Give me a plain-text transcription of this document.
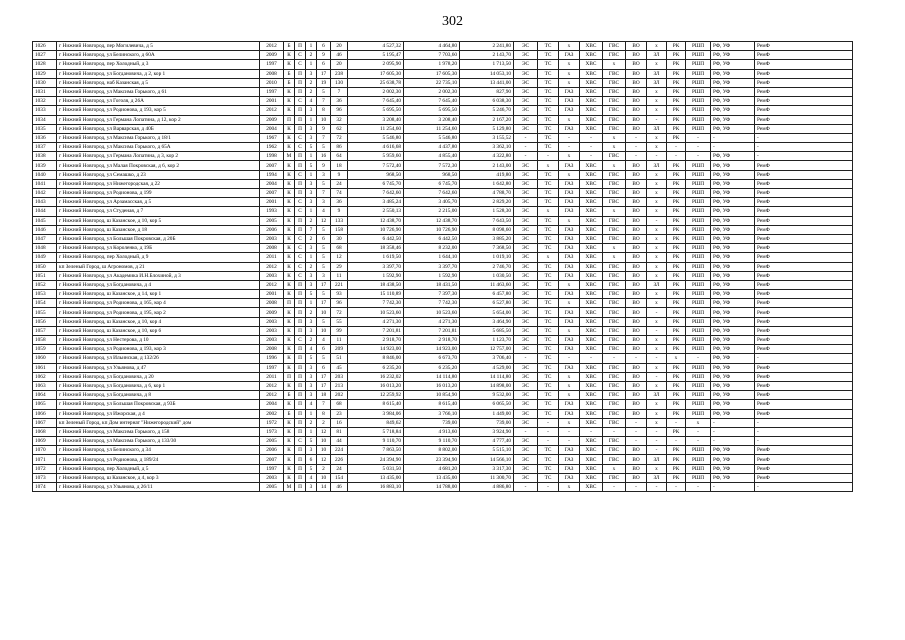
302
1026	г Нижний Новгород, пер Могилевича, д 5	2012	Б	П	1	6	20	4 527,32	4 464,80	2 241,80	ЭС	ТС	х	ХВС	ГВС	ВО	х	РК	РШП	РФ, УФ	РемФ
1027	г Нижний Новгород, ул Белинского, д 60А	2009	К	С	2	9	46	5 195,47	7 703,60	2 143,70	ЭС	ТС	ГАЗ	ХВС	ГВС	ВО	ЗЛ	РК	РШП	РФ, УФ	РемФ
1028	г Нижний Новгород, пер Холодный, д 3	1997	К	С	1	6	20	2 095,90	1 978,20	1 713,50	ЭС	ТС	х	ХВС	х	ВО	х	РК	РШП	РФ, УФ	РемФ
1029	г Нижний Новгород, ул Богдановича, д 2, кор 1	2008	Б	П	3	17	238	17 605,30	17 605,30	14 053,10	ЭС	ТС	х	ХВС	ГВС	ВО	ЗЛ	РК	РШП	РФ, УФ	РемФ
1030	г Нижний Новгород, наб Казанская, д 5	2010	Б	П	2	19	130	25 638,78	22 735,10	13 441,00	ЭС	ТС	х	ХВС	ГВС	ВО	ЗЛ	РК	РШП	РФ, УФ	РемФ
1031	г Нижний Новгород, ул Максима Горького, д 61	1997	К	П	2	5	7	2 002,30	2 002,30	827,90	ЭС	ТС	ГАЗ	ХВС	ГВС	ВО	х	РК	РШП	РФ, УФ	РемФ
1032	г Нижний Новгород, ул Гоголя, д 26А	2001	К	С	4	7	36	7 645,40	7 645,40	6 038,30	ЭС	ТС	ГАЗ	ХВС	ГВС	ВО	х	РК	РШП	РФ, УФ	РемФ
1033	г Нижний Новгород, ул Родионова, д 193, кор 5	2012	К	П	3	8	96	5 695,50	5 695,50	5 246,70	ЭС	ТС	ГАЗ	ХВС	ГВС	ВО	х	РК	РШП	РФ, УФ	РемФ
1034	г Нижний Новгород, ул Германа Лопатина, д 12, кор 2	2009	П	П	1	10	32	3 208,40	3 208,40	2 167,20	ЭС	ТС	х	ХВС	ГВС	ВО	-	РК	РШП	РФ, УФ	РемФ
1035	г Нижний Новгород, ул Варварская, д 40Б	2004	К	П	3	9	62	11 254,60	11 254,60	5 129,80	ЭС	ТС	ГАЗ	ХВС	ГВС	ВО	ЗЛ	РК	РШП	РФ, УФ	РемФ
1036	г Нижний Новгород, ул Максима Горького, д 18/1	1967	К	С	3	7	72	5 546,80	5 546,80	3 155,52	-	ТС	-	-	х	-	х	РК	-	-	-
1037	г Нижний Новгород, ул Максима Горького, д 65А	1962	К	С	5	5	86	4 616,68	4 437,80	3 362,10	-	ТС	-	-	х	-	х	-	-	-	-
1038	г Нижний Новгород, ул Германа Лопатина, д 3, кор 2	1998	М	П	1	16	64	5 959,60	4 855,40	4 322,80	-	-	х	-	ГВС	-	-	-	-	РФ, УФ	-
1039	г Нижний Новгород, ул Малая Покровская, д 6, кор 2	2007	К	П	5	9	18	7 572,40	7 572,30	2 143,00	ЭС	х	ГАЗ	ХВС	х	ВО	ЗЛ	РК	РШП	РФ, УФ	РемФ
1040	г Нижний Новгород, ул Семашко, д 23	1994	К	С	1	3	9	968,50	968,50	419,80	ЭС	ТС	х	ХВС	ГВС	ВО	х	РК	РШП	РФ, УФ	РемФ
1041	г Нижний Новгород, ул Нижегородская, д 22	2004	К	П	3	5	24	6 745,70	6 745,70	1 642,80	ЭС	ТС	ГАЗ	ХВС	ГВС	ВО	х	РК	РШП	РФ, УФ	РемФ
1042	г Нижний Новгород, ул Родионова, д 199	2007	К	П	3	7	74	7 642,60	7 642,60	4 788,70	ЭС	ТС	ГАЗ	ХВС	ГВС	ВО	х	РК	РШП	РФ, УФ	РемФ
1043	г Нижний Новгород, ул Арзамасская, д 5	2001	К	С	3	3	36	3 485,24	3 405,70	2 829,20	ЭС	ТС	ГАЗ	ХВС	ГВС	ВО	х	РК	РШП	РФ, УФ	РемФ
1044	г Нижний Новгород, ул Студеная, д 7	1993	К	С	1	4	9	2 550,13	2 215,00	1 528,30	ЭС	х	ГАЗ	ХВС	х	ВО	х	РК	РШП	РФ, УФ	РемФ
1045	г Нижний Новгород, ш Казанское, д 10, кор 5	2005	К	П	2	12	133	12 438,70	12 438,70	7 643,50	ЭС	ТС	х	ХВС	ГВС	ВО	-	РК	РШП	РФ, УФ	РемФ
1046	г Нижний Новгород, ш Казанское, д 18	2006	К	П	7	5	158	10 726,90	10 726,90	8 098,60	ЭС	ТС	ГАЗ	ХВС	ГВС	ВО	х	РК	РШП	РФ, УФ	РемФ
1047	г Нижний Новгород, ул Большая Покровская, д 20Б	2003	К	С	2	6	30	6 442,50	6 442,50	3 885,20	ЭС	ТС	ГАЗ	ХВС	ГВС	ВО	х	РК	РШП	РФ, УФ	РемФ
1048	г Нижний Новгород, ул Короленко, д 19Б	2008	К	С	3	5	68	18 358,46	8 232,00	7 368,50	ЭС	ТС	ГАЗ	ХВС	х	ВО	х	РК	РШП	РФ, УФ	РемФ
1049	г Нижний Новгород, пер Холодный, д 9	2011	К	С	1	5	12	1 619,50	1 644,10	1 019,10	ЭС	х	ГАЗ	ХВС	х	ВО	х	РК	РШП	РФ, УФ	РемФ
1050	кп Зеленый Город, ш Агрономов, д 21	2012	К	С	2	5	29	3 397,70	3 397,70	2 746,70	ЭС	ТС	ГАЗ	ХВС	ГВС	ВО	х	РК	РШП	РФ, УФ	РемФ
1051	г Нижний Новгород, ул Академика И.Н.Блохиной, д 3	2003	К	С	3	3	11	1 592,90	1 592,90	1 030,50	ЭС	ТС	ГАЗ	ХВС	ГВС	ВО	х	РК	РШП	РФ, УФ	РемФ
1052	г Нижний Новгород, ул Богдановича, д 4	2012	К	П	3	17	221	18 438,50	18 431,50	11 463,60	ЭС	ТС	х	ХВС	ГВС	ВО	ЗЛ	РК	РШП	РФ, УФ	РемФ
1053	г Нижний Новгород, ш Казанское, д 14, кор 1	2001	К	П	5	5	93	15 110,89	7 397,30	6 457,80	ЭС	ТС	ГАЗ	ХВС	ГВС	ВО	х	РК	РШП	РФ, УФ	РемФ
1054	г Нижний Новгород, ул Родионова, д 165, кор 4	2008	П	П	1	17	96	7 742,30	7 742,30	6 527,80	ЭС	ТС	х	ХВС	ГВС	ВО	х	РК	РШП	РФ, УФ	РемФ
1055	г Нижний Новгород, ул Родионова, д 195, кор 2	2009	К	П	2	10	72	10 523,60	10 523,60	5 654,00	ЭС	ТС	ГАЗ	ХВС	ГВС	ВО	-	РК	РШП	РФ, УФ	РемФ
1056	г Нижний Новгород, ш Казанское, д 10, кор 4	2003	К	П	3	5	55	4 271,30	4 271,30	3 464,90	ЭС	ТС	ГАЗ	ХВС	ГВС	ВО	х	РК	РШП	РФ, УФ	РемФ
1057	г Нижний Новгород, ш Казанское, д 10, кор 6	2003	К	П	3	10	99	7 201,81	7 201,81	5 685,50	ЭС	ТС	х	ХВС	ГВС	ВО	-	РК	РШП	РФ, УФ	РемФ
1058	г Нижний Новгород, ул Нестерова, д 10	2003	К	С	2	4	11	2 918,70	2 918,70	1 123,70	ЭС	ТС	ГАЗ	ХВС	ГВС	ВО	х	РК	РШП	РФ, УФ	РемФ
1059	г Нижний Новгород, ул Родионова, д 193, кор 3	2008	К	П	4	6	209	14 923,00	14 923,00	12 757,00	ЭС	ТС	ГАЗ	ХВС	ГВС	ВО	х	РК	РШП	РФ, УФ	РемФ
1060	г Нижний Новгород, ул Ильинская, д 132/26	1996	К	П	5	5	51	8 846,00	6 673,70	3 706,40	-	ТС	-	-	-	-	-	х	-	РФ, УФ	-
1061	г Нижний Новгород, ул Ульянова, д 47	1997	К	П	3	6	45	6 235,20	6 235,20	4 529,00	ЭС	ТС	ГАЗ	ХВС	ГВС	ВО	х	РК	РШП	РФ, УФ	РемФ
1062	г Нижний Новгород, ул Богдановича, д 20	2011	П	П	3	17	203	16 232,02	14 114,80	14 114,80	ЭС	ТС	х	ХВС	ГВС	ВО	-	РК	РШП	РФ, УФ	РемФ
1063	г Нижний Новгород, ул Богдановича, д 6, кор 1	2012	К	П	3	17	213	16 013,20	16 013,20	14 898,00	ЭС	ТС	х	ХВС	ГВС	ВО	х	РК	РШП	РФ, УФ	РемФ
1064	г Нижний Новгород, ул Богдановича, д 8	2012	Б	П	3	18	202	12 259,92	10 854,90	9 532,00	ЭС	ТС	х	ХВС	ГВС	ВО	ЗЛ	РК	РШП	РФ, УФ	РемФ
1065	г Нижний Новгород, ул Большая Покровская, д 93Б	2004	К	П	4	7	68	8 615,40	8 615,40	6 065,50	ЭС	ТС	ГАЗ	ХВС	ГВС	ВО	х	РК	РШП	РФ, УФ	РемФ
1066	г Нижний Новгород, ул Ижорская, д 4	2002	Б	П	1	8	23	3 984,06	3 766,10	1 449,00	ЭС	ТС	ГАЗ	ХВС	ГВС	ВО	х	РК	РШП	РФ, УФ	РемФ
1067	кп Зеленый Город, кп Дом интернат "Нижегородский" дом	1972	К	П	2	2	16	849,62	739,00	739,00	ЭС	-	х	ХВС	ГВС	-	х	-	х	-	-
1068	г Нижний Новгород, ул Максима Горького, д 158	1973	К	П	1	12	81	5 718,84	4 913,60	3 924,90	-	-	-	-	-	-	-	РК	-	-	-
1069	г Нижний Новгород, ул Максима Горького, д 133/30	2005	К	С	5	10	44	9 110,70	9 110,70	4 777,40	ЭС	-	-	ХВС	ГВС	-	-	-	-	-	-
1070	г Нижний Новгород, ул Белинского, д 34	2006	К	П	3	10	224	7 863,50	8 802,00	5 515,10	ЭС	ТС	ГАЗ	ХВС	ГВС	ВО	-	РК	РШП	РФ, УФ	РемФ
1071	г Нижний Новгород, ул Родионова, д 189/24	2007	К	П	6	12	226	24 394,90	23 394,90	14 566,10	ЭС	ТС	ГАЗ	ХВС	ГВС	ВО	ЗЛ	РК	РШП	РФ, УФ	РемФ
1072	г Нижний Новгород, пер Холодный, д 5	1997	К	П	5	2	24	5 031,50	4 681,20	3 317,30	ЭС	ТС	ГАЗ	ХВС	х	ВО	х	РК	РШП	РФ, УФ	РемФ
1073	г Нижний Новгород, ш Казанское, д 4, кор 3	2003	К	П	4	10	154	13 435,00	13 435,00	11 300,70	ЭС	ТС	ГАЗ	ХВС	ГВС	ВО	ЗЛ	РК	РШП	РФ, УФ	РемФ
1074	г Нижний Новгород, ул Ульянова, д 26/11	2005	М	П	3	14	46	16 883,10	14 788,00	4 886,80	-	-	х	ХВС	-	-	-	-	-	-	-
